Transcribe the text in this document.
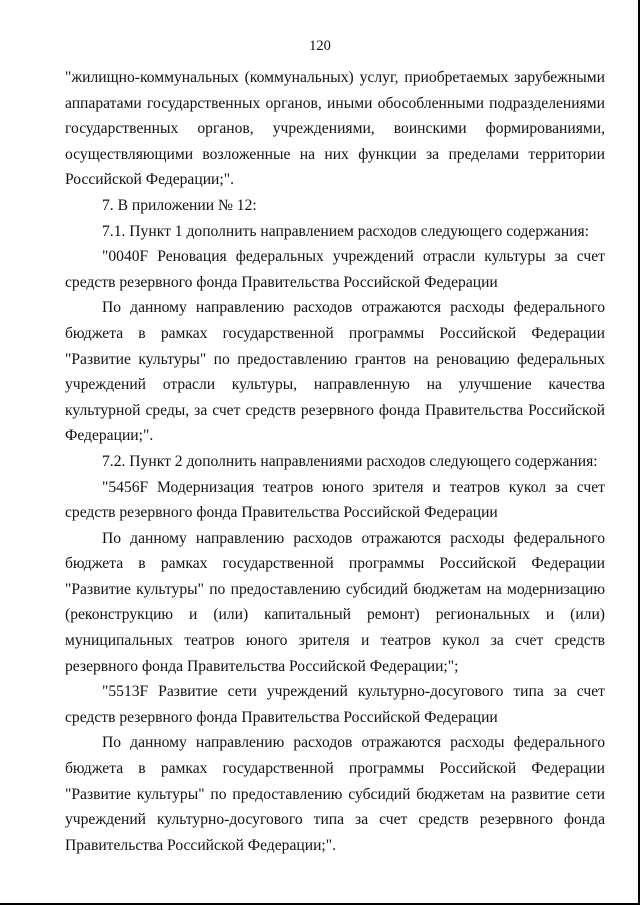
120

"жилищно-коммунальных (коммунальных) услуг, приобретаемых зарубежными аппаратами государственных органов, иными обособленными подразделениями государственных органов, учреждениями, воинскими формированиями, осуществляющими возложенные на них функции за пределами территории Российской Федерации;".

7. В приложении № 12:

7.1. Пункт 1 дополнить направлением расходов следующего содержания:

"0040F Реновация федеральных учреждений отрасли культуры за счет средств резервного фонда Правительства Российской Федерации

По данному направлению расходов отражаются расходы федерального бюджета в рамках государственной программы Российской Федерации "Развитие культуры" по предоставлению грантов на реновацию федеральных учреждений отрасли культуры, направленную на улучшение качества культурной среды, за счет средств резервного фонда Правительства Российской Федерации;".

7.2. Пункт 2 дополнить направлениями расходов следующего содержания:

"5456F Модернизация театров юного зрителя и театров кукол за счет средств резервного фонда Правительства Российской Федерации

По данному направлению расходов отражаются расходы федерального бюджета в рамках государственной программы Российской Федерации "Развитие культуры" по предоставлению субсидий бюджетам на модернизацию (реконструкцию и (или) капитальный ремонт) региональных и (или) муниципальных театров юного зрителя и театров кукол за счет средств резервного фонда Правительства Российской Федерации;";

"5513F Развитие сети учреждений культурно-досугового типа за счет средств резервного фонда Правительства Российской Федерации

По данному направлению расходов отражаются расходы федерального бюджета в рамках государственной программы Российской Федерации "Развитие культуры" по предоставлению субсидий бюджетам на развитие сети учреждений культурно-досугового типа за счет средств резервного фонда Правительства Российской Федерации;".
